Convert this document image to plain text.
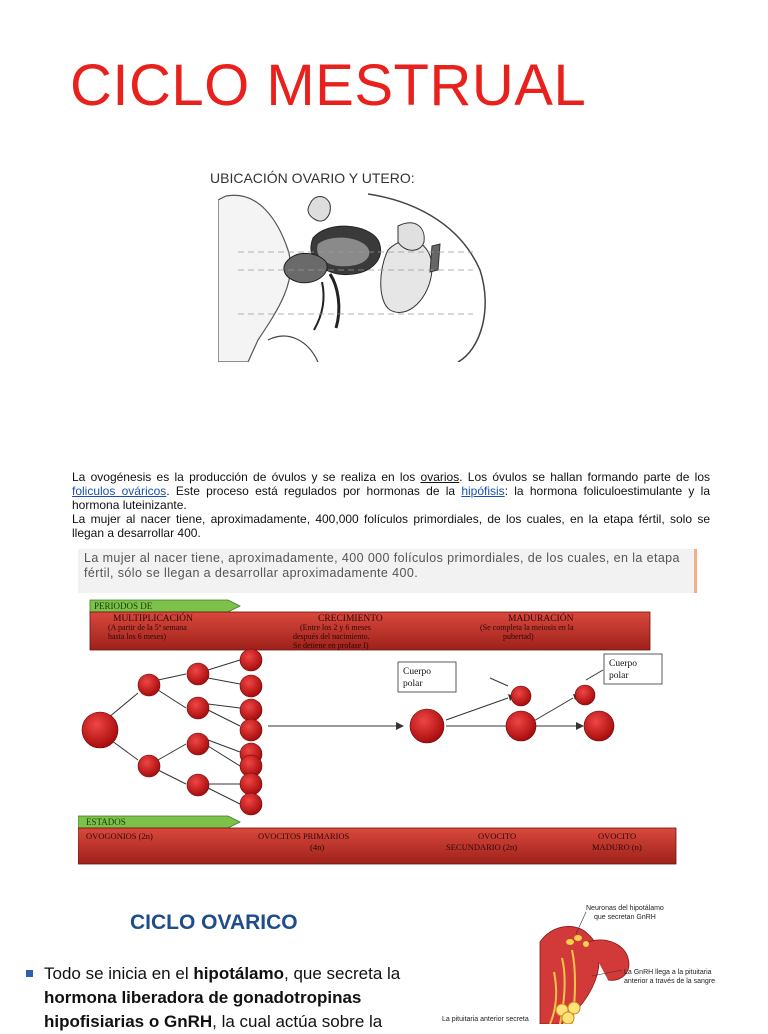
CICLO MESTRUAL
UBICACIÓN OVARIO Y UTERO:

La ovogénesis es la producción de óvulos y se realiza en los ovarios. Los óvulos se hallan formando parte de los foliculos ováricos. Este proceso está regulados por hormonas de la hipófisis: la hormona foliculoestimulante y la hormona luteinizante.

La mujer al nacer tiene, aproximadamente, 400,000 folículos primordiales, de los cuales, en la etapa fértil, solo se llegan a desarrollar 400.

La mujer al nacer tiene, aproximadamente, 400 000 folículos primordiales, de los cuales, en la etapa fértil, sólo se llegan a desarrollar aproximadamente 400.
PERIODOS DE
MULTIPLICACIÓN
(A partir de la 5ª semana
hasta los 6 meses)
CRECIMIENTO
(Entre los 2 y 6 meses
después del nacimiento.
Se detiene en profase I)
MADURACIÓN
(Se completa la meiosis en la
pubertad)
Cuerpo
polar
Cuerpo
polar
ESTADOS
OVOGONIOS (2n)	OVOCITOS PRIMARIOS
(4n)
OVOCITO
SECUNDARIO (2n)
OVOCITO
MADURO (n)
CICLO OVARICO
Todo se inicia en el hipotálamo, que secreta la hormona liberadora de gonadotropinas hipofisiarias o GnRH, la cual actúa sobre la
Neuronas del hipotálamo
que secretan GnRH
La GnRH llega a la pituitaria
anterior a través de la sangre
La pituitaria anterior secreta
